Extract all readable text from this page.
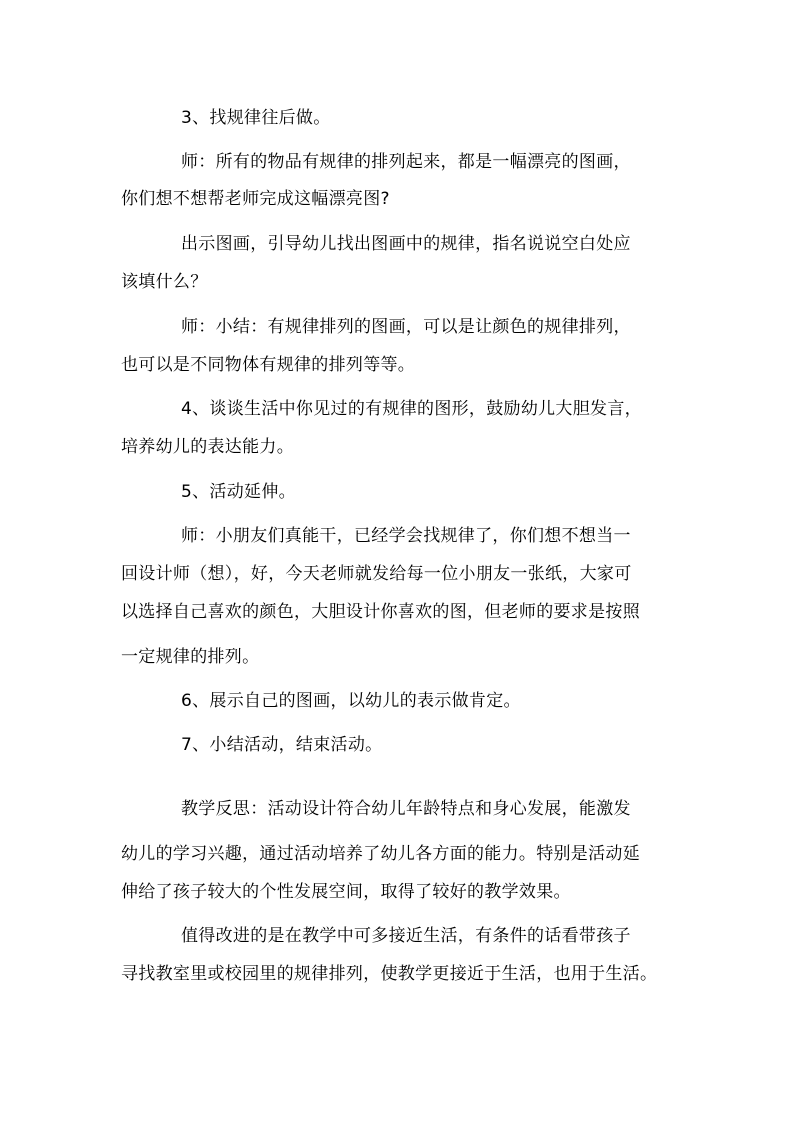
3、找规律往后做。
师：所有的物品有规律的排列起来，都是一幅漂亮的图画，
你们想不想帮老师完成这幅漂亮图?
出示图画，引导幼儿找出图画中的规律，指名说说空白处应
该填什么？
师：小结：有规律排列的图画，可以是让颜色的规律排列，
也可以是不同物体有规律的排列等等。
4、谈谈生活中你见过的有规律的图形，鼓励幼儿大胆发言，
培养幼儿的表达能力。
5、活动延伸。
师：小朋友们真能干，已经学会找规律了，你们想不想当一
回设计师（想），好，今天老师就发给每一位小朋友一张纸，大家可
以选择自己喜欢的颜色，大胆设计你喜欢的图，但老师的要求是按照
一定规律的排列。
6、展示自己的图画，以幼儿的表示做肯定。
7、小结活动，结束活动。
教学反思：活动设计符合幼儿年龄特点和身心发展，能激发
幼儿的学习兴趣，通过活动培养了幼儿各方面的能力。特别是活动延
伸给了孩子较大的个性发展空间，取得了较好的教学效果。
值得改进的是在教学中可多接近生活，有条件的话看带孩子
寻找教室里或校园里的规律排列，使教学更接近于生活，也用于生活。
